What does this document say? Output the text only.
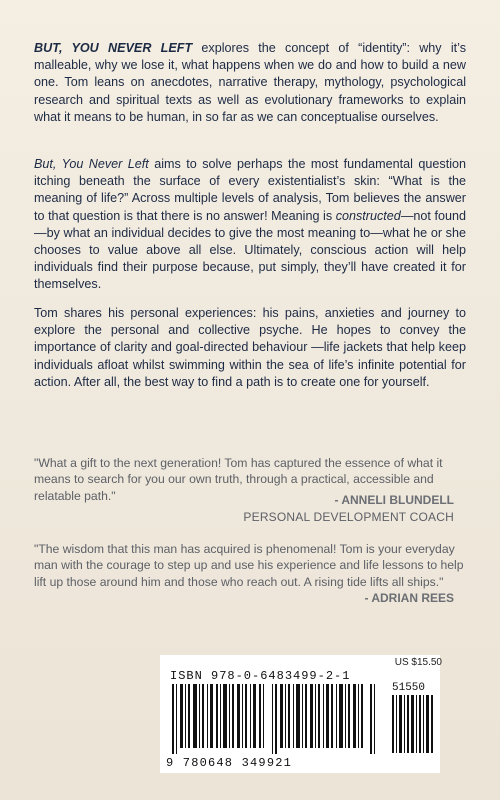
BUT, YOU NEVER LEFT explores the concept of “identity”: why it’s malleable, why we lose it, what happens when we do and how to build a new one. Tom leans on anecdotes, narrative therapy, mythology, psychological research and spiritual texts as well as evolutionary frameworks to explain what it means to be human, in so far as we can conceptualise ourselves.

But, You Never Left aims to solve perhaps the most fundamental question itching beneath the surface of every existentialist’s skin: “What is the meaning of life?” Across multiple levels of analysis, Tom believes the answer to that question is that there is no answer! Meaning is constructed—not found—by what an individual decides to give the most meaning to—what he or she chooses to value above all else. Ultimately, conscious action will help individuals find their purpose because, put simply, they’ll have created it for themselves.

Tom shares his personal experiences: his pains, anxieties and journey to explore the personal and collective psyche. He hopes to convey the importance of clarity and goal-directed behaviour —life jackets that help keep individuals afloat whilst swimming within the sea of life’s infinite potential for action. After all, the best way to find a path is to create one for yourself.

"What a gift to the next generation! Tom has captured the essence of what it means to search for you our own truth, through a practical, accessible and relatable path."	- ANNELI BLUNDELL
PERSONAL DEVELOPMENT COACH

"The wisdom that this man has acquired is phenomenal! Tom is your everyday man with the courage to step up and use his experience and life lessons to help lift up those around him and those who reach out. A rising tide lifts all ships."

- ADRIAN REES
US $15.50
ISBN 978-0-6483499-2-1
51550
9 780648 349921
